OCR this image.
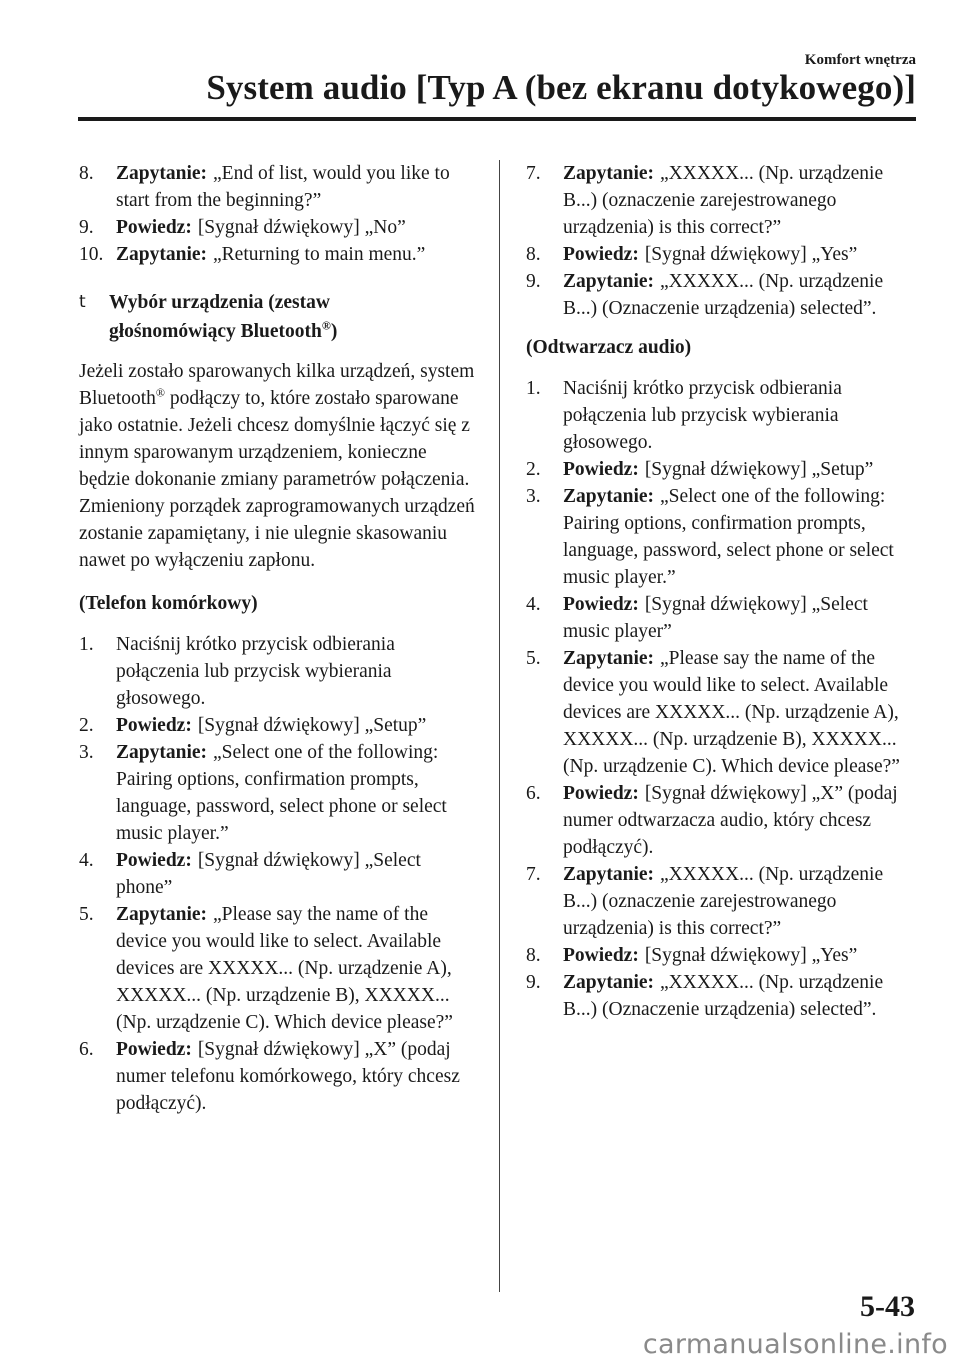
Komfort wnętrza
System audio [Typ A (bez ekranu dotykowego)]
8. Zapytanie: „End of list, would you like to start from the beginning?”
9. Powiedz: [Sygnał dźwiękowy] „No”
10. Zapytanie: „Returning to main menu.”
t Wybór urządzenia (zestaw
głośnomówiący Bluetooth®)

Jeżeli zostało sparowanych kilka urządzeń, system Bluetooth® podłączy to, które zostało sparowane jako ostatnie. Jeżeli chcesz domyślnie łączyć się z innym sparowanym urządzeniem, konieczne będzie dokonanie zmiany parametrów połączenia. Zmieniony porządek zaprogramowanych urządzeń zostanie zapamiętany, i nie ulegnie skasowaniu nawet po wyłączeniu zapłonu.

(Telefon komórkowy)
1. Naciśnij krótko przycisk odbierania połączenia lub przycisk wybierania głosowego.
2. Powiedz: [Sygnał dźwiękowy] „Setup”
3. Zapytanie: „Select one of the following: Pairing options, confirmation prompts, language, password, select phone or select music player.”
4. Powiedz: [Sygnał dźwiękowy] „Select phone”
5. Zapytanie: „Please say the name of the device you would like to select. Available devices are XXXXX... (Np. urządzenie A), XXXXX... (Np. urządzenie B), XXXXX... (Np. urządzenie C). Which device please?”
6. Powiedz: [Sygnał dźwiękowy] „X” (podaj numer telefonu komórkowego, który chcesz podłączyć).
7. Zapytanie: „XXXXX... (Np. urządzenie B...) (oznaczenie zarejestrowanego urządzenia) is this correct?”
8. Powiedz: [Sygnał dźwiękowy] „Yes”
9. Zapytanie: „XXXXX... (Np. urządzenie B...) (Oznaczenie urządzenia) selected”.
(Odtwarzacz audio)
1. Naciśnij krótko przycisk odbierania połączenia lub przycisk wybierania głosowego.
2. Powiedz: [Sygnał dźwiękowy] „Setup”
3. Zapytanie: „Select one of the following: Pairing options, confirmation prompts, language, password, select phone or select music player.”
4. Powiedz: [Sygnał dźwiękowy] „Select music player”
5. Zapytanie: „Please say the name of the device you would like to select. Available devices are XXXXX... (Np. urządzenie A), XXXXX... (Np. urządzenie B), XXXXX... (Np. urządzenie C). Which device please?”
6. Powiedz: [Sygnał dźwiękowy] „X” (podaj numer odtwarzacza audio, który chcesz podłączyć).
7. Zapytanie: „XXXXX... (Np. urządzenie B...) (oznaczenie zarejestrowanego urządzenia) is this correct?”
8. Powiedz: [Sygnał dźwiękowy] „Yes”
9. Zapytanie: „XXXXX... (Np. urządzenie B...) (Oznaczenie urządzenia) selected”.
5-43
carmanualsonline.info
